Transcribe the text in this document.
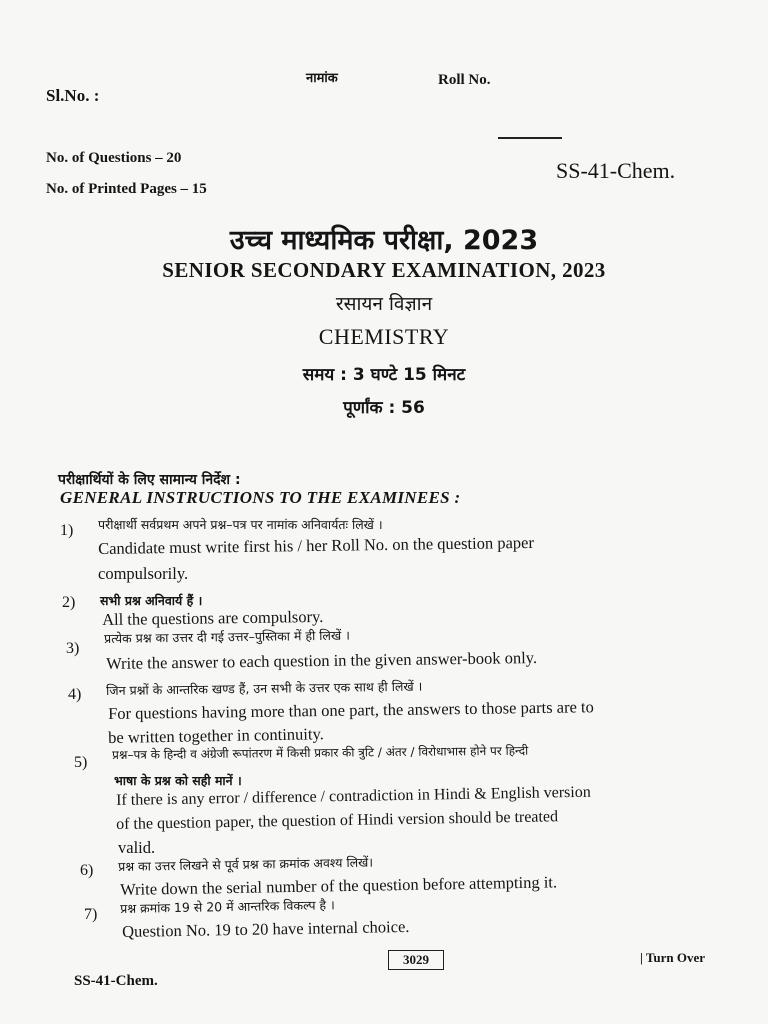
Sl.No. :
नामांक	Roll No.
No. of Questions – 20
No. of Printed Pages – 15
SS-41-Chem.
उच्च माध्यमिक परीक्षा, 2023
SENIOR SECONDARY EXAMINATION, 2023
रसायन विज्ञान
CHEMISTRY
समय : 3 घण्टे 15 मिनट
पूर्णांक : 56
परीक्षार्थियों के लिए सामान्य निर्देश :
GENERAL INSTRUCTIONS TO THE EXAMINEES :
1) परीक्षार्थी सर्वप्रथम अपने प्रश्न–पत्र पर नामांक अनिवार्यतः लिखें ।
Candidate must write first his / her Roll No. on the question paper
compulsorily.
2) सभी प्रश्न अनिवार्य हैं ।
All the questions are compulsory.
3)
प्रत्येक प्रश्न का उत्तर दी गई उत्तर–पुस्तिका में ही लिखें ।
Write the answer to each question in the given answer-book only.
4) जिन प्रश्नों के आन्तरिक खण्ड हैं, उन सभी के उत्तर एक साथ ही लिखें ।
For questions having more than one part, the answers to those parts are to
be written together in continuity.
5)
प्रश्न–पत्र के हिन्दी व अंग्रेजी रूपांतरण में किसी प्रकार की त्रुटि / अंतर / विरोधाभास होने पर हिन्दी
भाषा के प्रश्न को सही मानें ।
If there is any error / difference / contradiction in Hindi & English version
of the question paper, the question of Hindi version should be treated
valid.
6) प्रश्न का उत्तर लिखने से पूर्व प्रश्न का क्रमांक अवश्य लिखें।
Write down the serial number of the question before attempting it.
7) प्रश्न क्रमांक 19 से 20 में आन्तरिक विकल्प है ।
Question No. 19 to 20 have internal choice.
3029	| Turn Over
SS-41-Chem.
